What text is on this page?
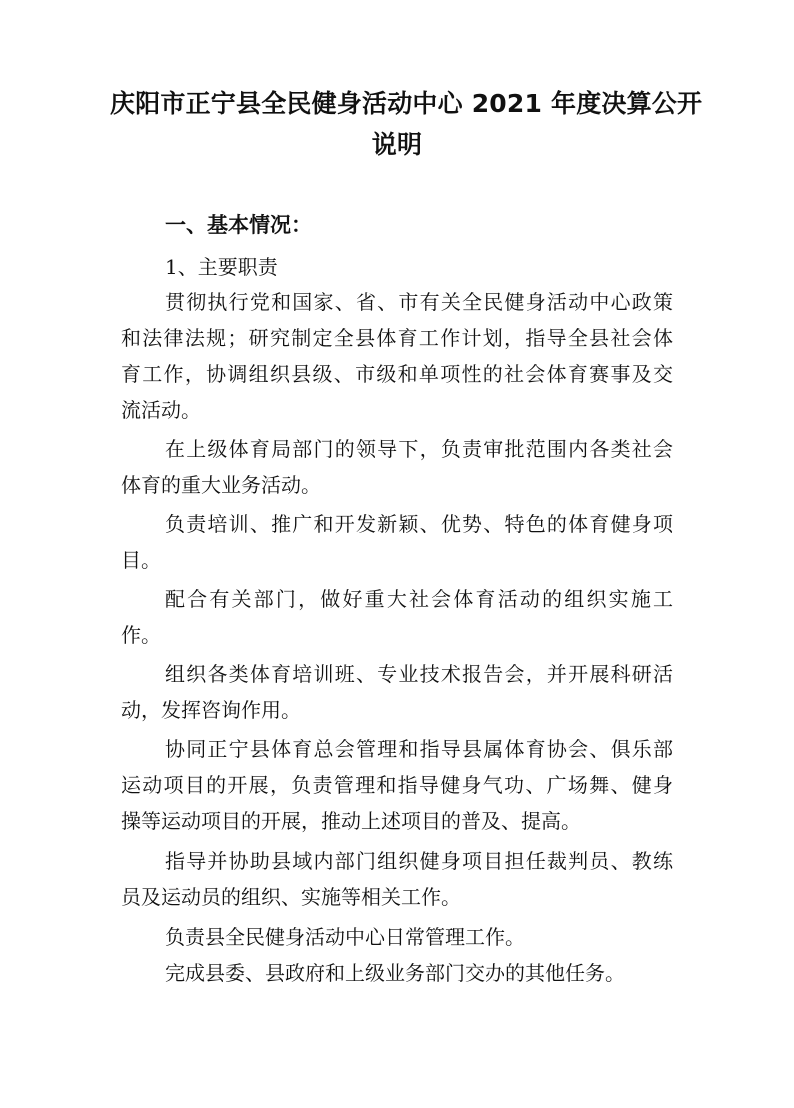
庆阳市正宁县全民健身活动中心 2021 年度决算公开
说明
一、基本情况：
1、主要职责
贯彻执行党和国家、省、市有关全民健身活动中心政策
和法律法规；研究制定全县体育工作计划，指导全县社会体
育工作，协调组织县级、市级和单项性的社会体育赛事及交
流活动。
在上级体育局部门的领导下，负责审批范围内各类社会
体育的重大业务活动。
负责培训、推广和开发新颖、优势、特色的体育健身项
目。
配合有关部门，做好重大社会体育活动的组织实施工
作。
组织各类体育培训班、专业技术报告会，并开展科研活
动，发挥咨询作用。
协同正宁县体育总会管理和指导县属体育协会、俱乐部
运动项目的开展，负责管理和指导健身气功、广场舞、健身
操等运动项目的开展，推动上述项目的普及、提高。
指导并协助县域内部门组织健身项目担任裁判员、教练
员及运动员的组织、实施等相关工作。
负责县全民健身活动中心日常管理工作。
完成县委、县政府和上级业务部门交办的其他任务。
